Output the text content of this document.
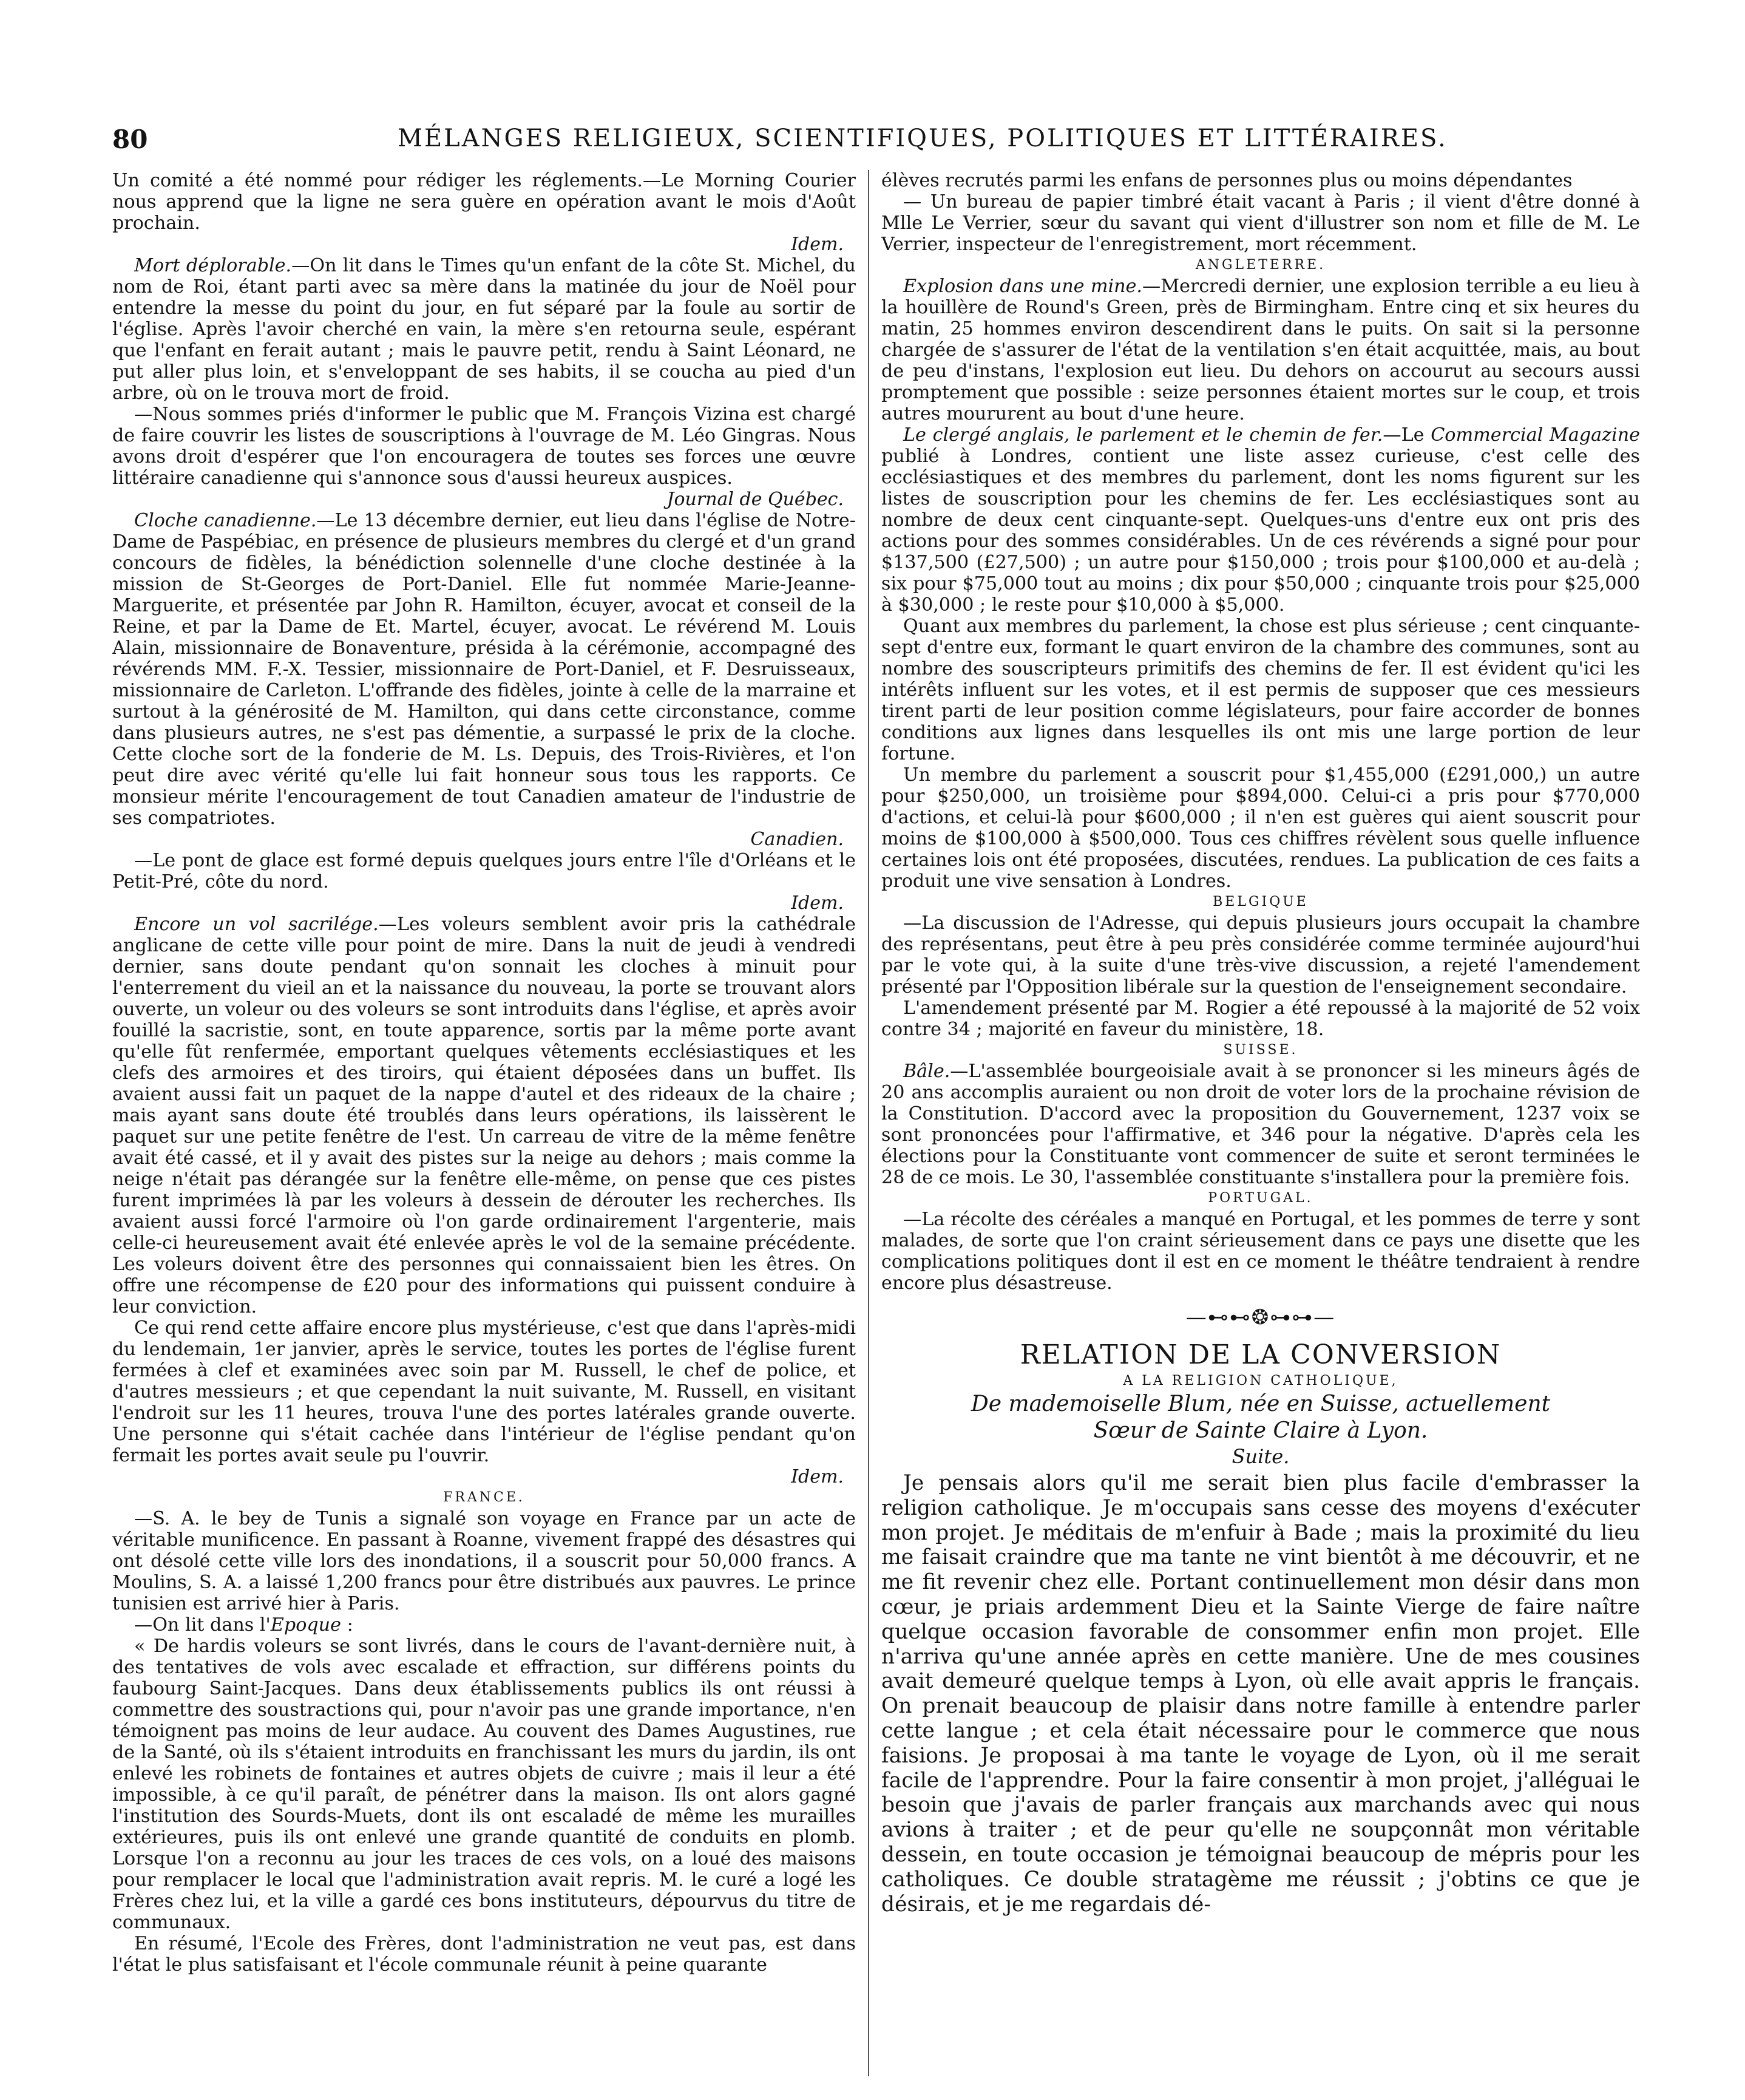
80	MÉLANGES RELIGIEUX, SCIENTIFIQUES, POLITIQUES ET LITTÉRAIRES.

Un comité a été nommé pour rédiger les réglements.—Le Morning Courier nous apprend que la ligne ne sera guère en opération avant le mois d'Août prochain.

Idem.

Mort déplorable.—On lit dans le Times qu'un enfant de la côte St. Michel, du nom de Roi, étant parti avec sa mère dans la matinée du jour de Noël pour entendre la messe du point du jour, en fut séparé par la foule au sortir de l'église. Après l'avoir cherché en vain, la mère s'en retourna seule, espérant que l'enfant en ferait autant ; mais le pauvre petit, rendu à Saint Léonard, ne put aller plus loin, et s'enveloppant de ses habits, il se coucha au pied d'un arbre, où on le trouva mort de froid.

—Nous sommes priés d'informer le public que M. François Vizina est chargé de faire couvrir les listes de souscriptions à l'ouvrage de M. Léo Gingras. Nous avons droit d'espérer que l'on encouragera de toutes ses forces une œuvre littéraire canadienne qui s'annonce sous d'aussi heureux auspices.

Journal de Québec.

Cloche canadienne.—Le 13 décembre dernier, eut lieu dans l'église de Notre-Dame de Paspébiac, en présence de plusieurs membres du clergé et d'un grand concours de fidèles, la bénédiction solennelle d'une cloche destinée à la mission de St-Georges de Port-Daniel. Elle fut nommée Marie-Jeanne-Marguerite, et présentée par John R. Hamilton, écuyer, avocat et conseil de la Reine, et par la Dame de Et. Martel, écuyer, avocat. Le révérend M. Louis Alain, missionnaire de Bonaventure, présida à la cérémonie, accompagné des révérends MM. F.-X. Tessier, missionnaire de Port-Daniel, et F. Desruisseaux, missionnaire de Carleton. L'offrande des fidèles, jointe à celle de la marraine et surtout à la générosité de M. Hamilton, qui dans cette circonstance, comme dans plusieurs autres, ne s'est pas démentie, a surpassé le prix de la cloche. Cette cloche sort de la fonderie de M. Ls. Depuis, des Trois-Rivières, et l'on peut dire avec vérité qu'elle lui fait honneur sous tous les rapports. Ce monsieur mérite l'encouragement de tout Canadien amateur de l'industrie de ses compatriotes.

Canadien.

—Le pont de glace est formé depuis quelques jours entre l'île d'Orléans et le Petit-Pré, côte du nord.

Idem.

Encore un vol sacrilége.—Les voleurs semblent avoir pris la cathédrale anglicane de cette ville pour point de mire. Dans la nuit de jeudi à vendredi dernier, sans doute pendant qu'on sonnait les cloches à minuit pour l'enterrement du vieil an et la naissance du nouveau, la porte se trouvant alors ouverte, un voleur ou des voleurs se sont introduits dans l'église, et après avoir fouillé la sacristie, sont, en toute apparence, sortis par la même porte avant qu'elle fût renfermée, emportant quelques vêtements ecclésiastiques et les clefs des armoires et des tiroirs, qui étaient déposées dans un buffet. Ils avaient aussi fait un paquet de la nappe d'autel et des rideaux de la chaire ; mais ayant sans doute été troublés dans leurs opérations, ils laissèrent le paquet sur une petite fenêtre de l'est. Un carreau de vitre de la même fenêtre avait été cassé, et il y avait des pistes sur la neige au dehors ; mais comme la neige n'était pas dérangée sur la fenêtre elle-même, on pense que ces pistes furent imprimées là par les voleurs à dessein de dérouter les recherches. Ils avaient aussi forcé l'armoire où l'on garde ordinairement l'argenterie, mais celle-ci heureusement avait été enlevée après le vol de la semaine précédente. Les voleurs doivent être des personnes qui connaissaient bien les êtres. On offre une récompense de £20 pour des informations qui puissent conduire à leur conviction.

Ce qui rend cette affaire encore plus mystérieuse, c'est que dans l'après-midi du lendemain, 1er janvier, après le service, toutes les portes de l'église furent fermées à clef et examinées avec soin par M. Russell, le chef de police, et d'autres messieurs ; et que cependant la nuit suivante, M. Russell, en visitant l'endroit sur les 11 heures, trouva l'une des portes latérales grande ouverte. Une personne qui s'était cachée dans l'intérieur de l'église pendant qu'on fermait les portes avait seule pu l'ouvrir.

Idem.

FRANCE.

—S. A. le bey de Tunis a signalé son voyage en France par un acte de véritable munificence. En passant à Roanne, vivement frappé des désastres qui ont désolé cette ville lors des inondations, il a souscrit pour 50,000 francs. A Moulins, S. A. a laissé 1,200 francs pour être distribués aux pauvres. Le prince tunisien est arrivé hier à Paris.

—On lit dans l'Epoque :

« De hardis voleurs se sont livrés, dans le cours de l'avant-dernière nuit, à des tentatives de vols avec escalade et effraction, sur différens points du faubourg Saint-Jacques. Dans deux établissements publics ils ont réussi à commettre des soustractions qui, pour n'avoir pas une grande importance, n'en témoignent pas moins de leur audace. Au couvent des Dames Augustines, rue de la Santé, où ils s'étaient introduits en franchissant les murs du jardin, ils ont enlevé les robinets de fontaines et autres objets de cuivre ; mais il leur a été impossible, à ce qu'il paraît, de pénétrer dans la maison. Ils ont alors gagné l'institution des Sourds-Muets, dont ils ont escaladé de même les murailles extérieures, puis ils ont enlevé une grande quantité de conduits en plomb. Lorsque l'on a reconnu au jour les traces de ces vols, on a loué des maisons pour remplacer le local que l'administration avait repris. M. le curé a logé les Frères chez lui, et la ville a gardé ces bons instituteurs, dépourvus du titre de communaux.

En résumé, l'Ecole des Frères, dont l'administration ne veut pas, est dans l'état le plus satisfaisant et l'école communale réunit à peine quarante

élèves recrutés parmi les enfans de personnes plus ou moins dépendantes

— Un bureau de papier timbré était vacant à Paris ; il vient d'être donné à Mlle Le Verrier, sœur du savant qui vient d'illustrer son nom et fille de M. Le Verrier, inspecteur de l'enregistrement, mort récemment.

ANGLETERRE.

Explosion dans une mine.—Mercredi dernier, une explosion terrible a eu lieu à la houillère de Round's Green, près de Birmingham. Entre cinq et six heures du matin, 25 hommes environ descendirent dans le puits. On sait si la personne chargée de s'assurer de l'état de la ventilation s'en était acquittée, mais, au bout de peu d'instans, l'explosion eut lieu. Du dehors on accourut au secours aussi promptement que possible : seize personnes étaient mortes sur le coup, et trois autres moururent au bout d'une heure.

Le clergé anglais, le parlement et le chemin de fer.—Le Commercial Magazine publié à Londres, contient une liste assez curieuse, c'est celle des ecclésiastiques et des membres du parlement, dont les noms figurent sur les listes de souscription pour les chemins de fer. Les ecclésiastiques sont au nombre de deux cent cinquante-sept. Quelques-uns d'entre eux ont pris des actions pour des sommes considérables. Un de ces révérends a signé pour pour $137,500 (£27,500) ; un autre pour $150,000 ; trois pour $100,000 et au-delà ; six pour $75,000 tout au moins ; dix pour $50,000 ; cinquante trois pour $25,000 à $30,000 ; le reste pour $10,000 à $5,000.

Quant aux membres du parlement, la chose est plus sérieuse ; cent cinquante-sept d'entre eux, formant le quart environ de la chambre des communes, sont au nombre des souscripteurs primitifs des chemins de fer. Il est évident qu'ici les intérêts influent sur les votes, et il est permis de supposer que ces messieurs tirent parti de leur position comme législateurs, pour faire accorder de bonnes conditions aux lignes dans lesquelles ils ont mis une large portion de leur fortune.

Un membre du parlement a souscrit pour $1,455,000 (£291,000,) un autre pour $250,000, un troisième pour $894,000. Celui-ci a pris pour $770,000 d'actions, et celui-là pour $600,000 ; il n'en est guères qui aient souscrit pour moins de $100,000 à $500,000. Tous ces chiffres révèlent sous quelle influence certaines lois ont été proposées, discutées, rendues. La publication de ces faits a produit une vive sensation à Londres.

BELGIQUE

—La discussion de l'Adresse, qui depuis plusieurs jours occupait la chambre des représentans, peut être à peu près considérée comme terminée aujourd'hui par le vote qui, à la suite d'une très-vive discussion, a rejeté l'amendement présenté par l'Opposition libérale sur la question de l'enseignement secondaire.

L'amendement présenté par M. Rogier a été repoussé à la majorité de 52 voix contre 34 ; majorité en faveur du ministère, 18.

SUISSE.

Bâle.—L'assemblée bourgeoisiale avait à se prononcer si les mineurs âgés de 20 ans accomplis auraient ou non droit de voter lors de la prochaine révision de la Constitution. D'accord avec la proposition du Gouvernement, 1237 voix se sont prononcées pour l'affirmative, et 346 pour la négative. D'après cela les élections pour la Constituante vont commencer de suite et seront terminées le 28 de ce mois. Le 30, l'assemblée constituante s'installera pour la première fois.

PORTUGAL.

—La récolte des céréales a manqué en Portugal, et les pommes de terre y sont malades, de sorte que l'on craint sérieusement dans ce pays une disette que les complications politiques dont il est en ce moment le théâtre tendraient à rendre encore plus désastreuse.

—⊷⊷❂⊶⊶—

RELATION DE LA CONVERSION

A LA RELIGION CATHOLIQUE,

De mademoiselle Blum, née en Suisse, actuellement

Sœur de Sainte Claire à Lyon.

Suite.

Je pensais alors qu'il me serait bien plus facile d'embrasser la religion catholique. Je m'occupais sans cesse des moyens d'exécuter mon projet. Je méditais de m'enfuir à Bade ; mais la proximité du lieu me faisait craindre que ma tante ne vint bientôt à me découvrir, et ne me fit revenir chez elle. Portant continuellement mon désir dans mon cœur, je priais ardemment Dieu et la Sainte Vierge de faire naître quelque occasion favorable de consommer enfin mon projet. Elle n'arriva qu'une année après en cette manière. Une de mes cousines avait demeuré quelque temps à Lyon, où elle avait appris le français. On prenait beaucoup de plaisir dans notre famille à entendre parler cette langue ; et cela était nécessaire pour le commerce que nous faisions. Je proposai à ma tante le voyage de Lyon, où il me serait facile de l'apprendre. Pour la faire consentir à mon projet, j'alléguai le besoin que j'avais de parler français aux marchands avec qui nous avions à traiter ; et de peur qu'elle ne soupçonnât mon véritable dessein, en toute occasion je témoignai beaucoup de mépris pour les catholiques. Ce double stratagème me réussit ; j'obtins ce que je désirais, et je me regardais dé-
